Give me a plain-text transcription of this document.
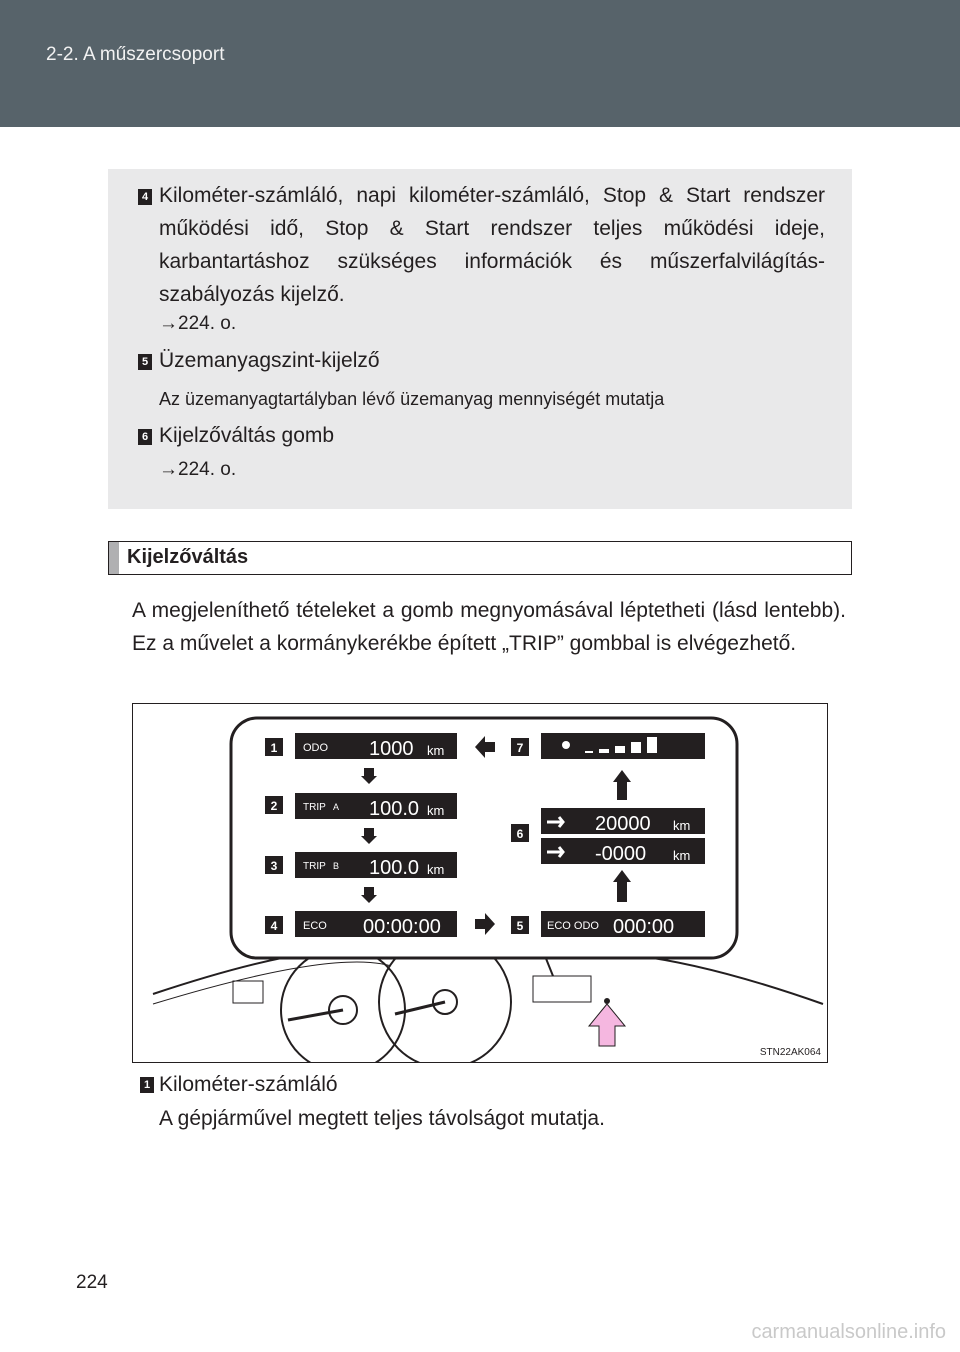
2-2. A műszercsoport
4 Kilométer-számláló, napi kilométer-számláló, Stop & Start rendszer működési idő, Stop & Start rendszer teljes működési ideje, karbantartáshoz szükséges információk és műszerfalvilágítás-szabályozás kijelző.
→224. o.
5 Üzemanyagszint-kijelző
Az üzemanyagtartályban lévő üzemanyag mennyiségét mutatja
6 Kijelzőváltás gomb
→224. o.
Kijelzőváltás
A megjeleníthető tételeket a gomb megnyomásával léptetheti (lásd lentebb). Ez a művelet a kormánykerékbe épített „TRIP” gombbal is elvégezhető.
1 ODO 1000 km
2	TRIP A 100.0 km
3	TRIP B 100.0 km
4 ECO 00:00:00	5 ECO ODO 000:00
6	20000 km
-0000 km
7
STN22AK064
1 Kilométer-számláló
A gépjárművel megtett teljes távolságot mutatja.
224
carmanualsonline.info
